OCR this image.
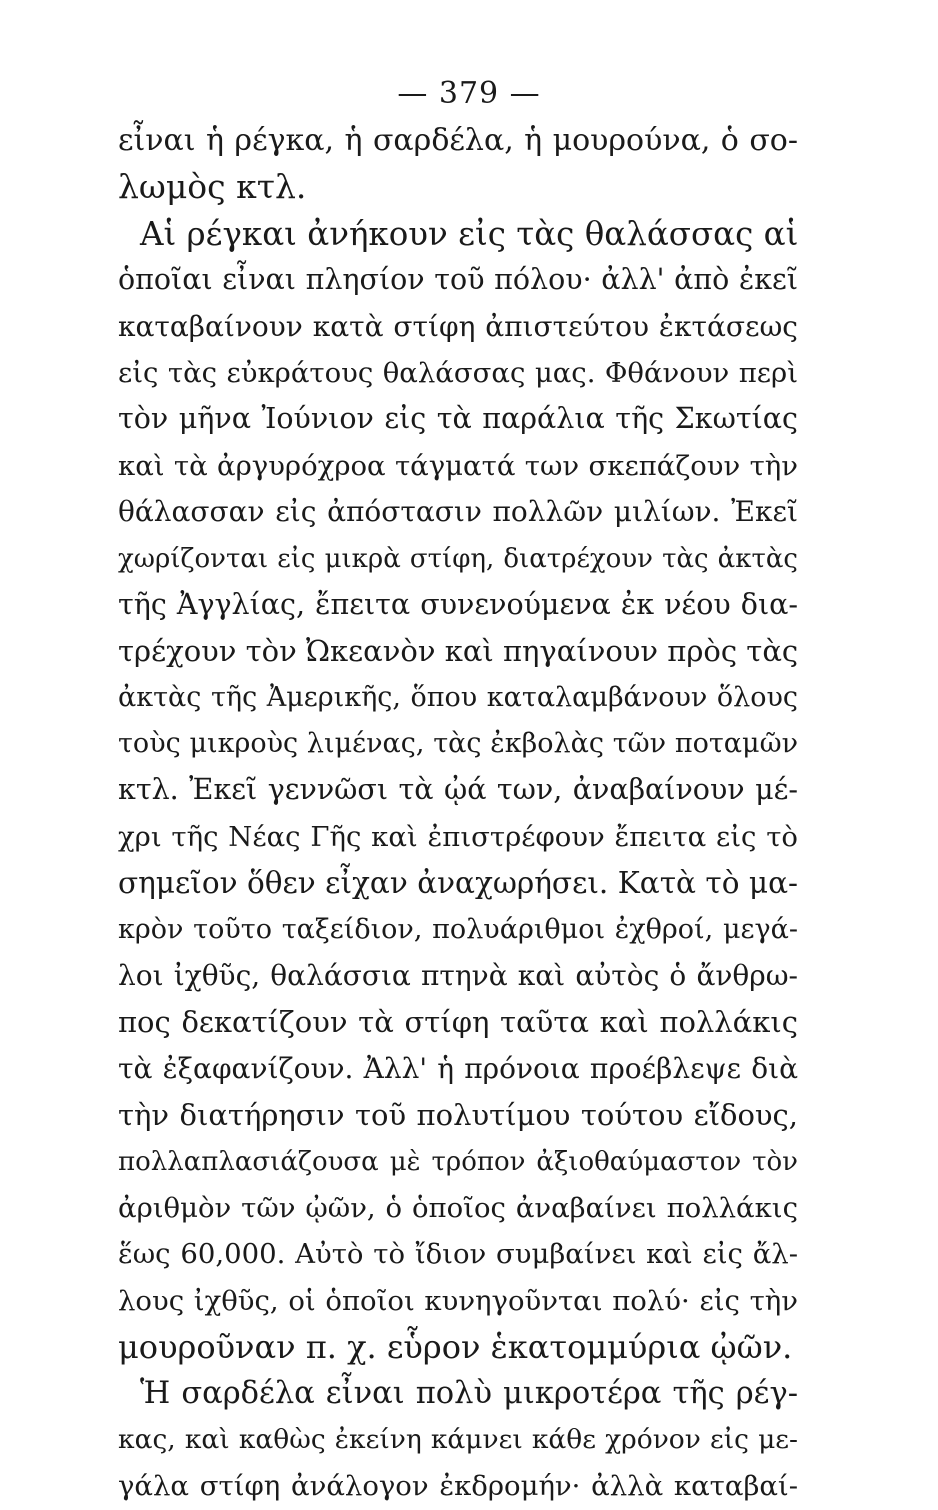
— 379 —
εἶναι ἡ ρέγκα, ἡ σαρδέλα, ἡ μουρούνα, ὁ σο-
λωμὸς κτλ.
Αἱ ρέγκαι ἀνήκουν εἰς τὰς θαλάσσας αἱ
ὁποῖαι εἶναι πλησίον τοῦ πόλου· ἀλλ' ἀπὸ ἐκεῖ
καταβαίνουν κατὰ στίφη ἀπιστεύτου ἐκτάσεως
εἰς τὰς εὐκράτους θαλάσσας μας. Φθάνουν περὶ
τὸν μῆνα Ἰούνιον εἰς τὰ παράλια τῆς Σκωτίας
καὶ τὰ ἀργυρόχροα τάγματά των σκεπάζουν τὴν
θάλασσαν εἰς ἀπόστασιν πολλῶν μιλίων. Ἐκεῖ
χωρίζονται εἰς μικρὰ στίφη, διατρέχουν τὰς ἀκτὰς
τῆς Ἀγγλίας, ἔπειτα συνενούμενα ἐκ νέου δια-
τρέχουν τὸν Ὠκεανὸν καὶ πηγαίνουν πρὸς τὰς
ἀκτὰς τῆς Ἀμερικῆς, ὅπου καταλαμβάνουν ὅλους
τοὺς μικροὺς λιμένας, τὰς ἐκβολὰς τῶν ποταμῶν
κτλ. Ἐκεῖ γεννῶσι τὰ ᾠά των, ἀναβαίνουν μέ-
χρι τῆς Νέας Γῆς καὶ ἐπιστρέφουν ἔπειτα εἰς τὸ
σημεῖον ὅθεν εἶχαν ἀναχωρήσει. Κατὰ τὸ μα-
κρὸν τοῦτο ταξείδιον, πολυάριθμοι ἐχθροί, μεγά-
λοι ἰχθῦς, θαλάσσια πτηνὰ καὶ αὐτὸς ὁ ἄνθρω-
πος δεκατίζουν τὰ στίφη ταῦτα καὶ πολλάκις
τὰ ἐξαφανίζουν. Ἀλλ' ἡ πρόνοια προέβλεψε διὰ
τὴν διατήρησιν τοῦ πολυτίμου τούτου εἴδους,
πολλαπλασιάζουσα μὲ τρόπον ἀξιοθαύμαστον τὸν
ἀριθμὸν τῶν ᾠῶν, ὁ ὁποῖος ἀναβαίνει πολλάκις
ἕως 60,000. Αὐτὸ τὸ ἴδιον συμβαίνει καὶ εἰς ἄλ-
λους ἰχθῦς, οἱ ὁποῖοι κυνηγοῦνται πολύ· εἰς τὴν
μουροῦναν π. χ. εὗρον ἑκατομμύρια ᾠῶν.
Ἡ σαρδέλα εἶναι πολὺ μικροτέρα τῆς ρέγ-
κας, καὶ καθὼς ἐκείνη κάμνει κάθε χρόνον εἰς με-
γάλα στίφη ἀνάλογον ἐκδρομήν· ἀλλὰ καταβαί-
